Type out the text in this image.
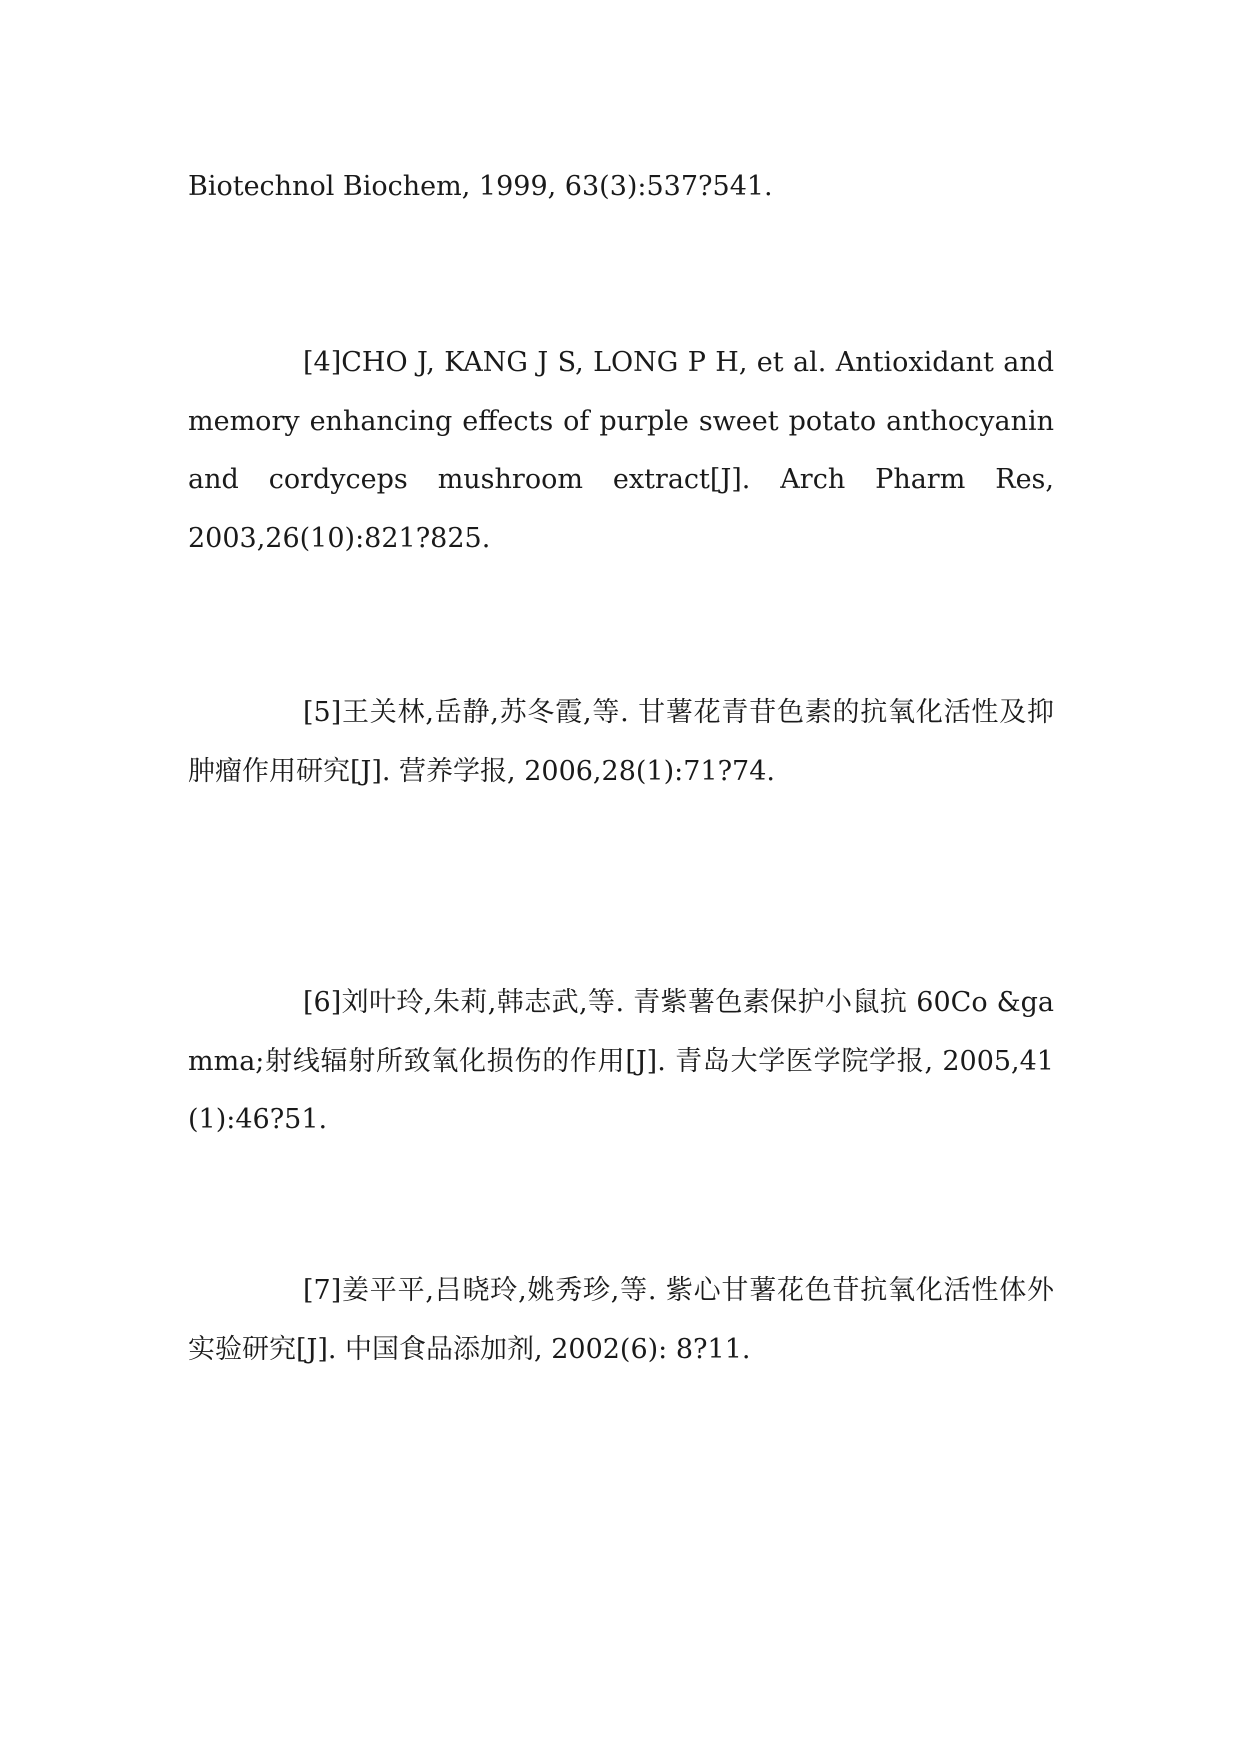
Biotechnol Biochem, 1999, 63(3):537?541.

[4]CHO J, KANG J S, LONG P H, et al. Antioxidant and memory enhancing effects of purple sweet potato anthocyanin and cordyceps mushroom extract[J]. Arch Pharm Res, 2003,26(10):821?825.

[5]王关林,岳静,苏冬霞,等. 甘薯花青苷色素的抗氧化活性及抑肿瘤作用研究[J]. 营养学报, 2006,28(1):71?74.

[6]刘叶玲,朱莉,韩志武,等. 青紫薯色素保护小鼠抗 60Co &gamma;射线辐射所致氧化损伤的作用[J]. 青岛大学医学院学报, 2005,41(1):46?51.

[7]姜平平,吕晓玲,姚秀珍,等. 紫心甘薯花色苷抗氧化活性体外实验研究[J]. 中国食品添加剂, 2002(6): 8?11.
